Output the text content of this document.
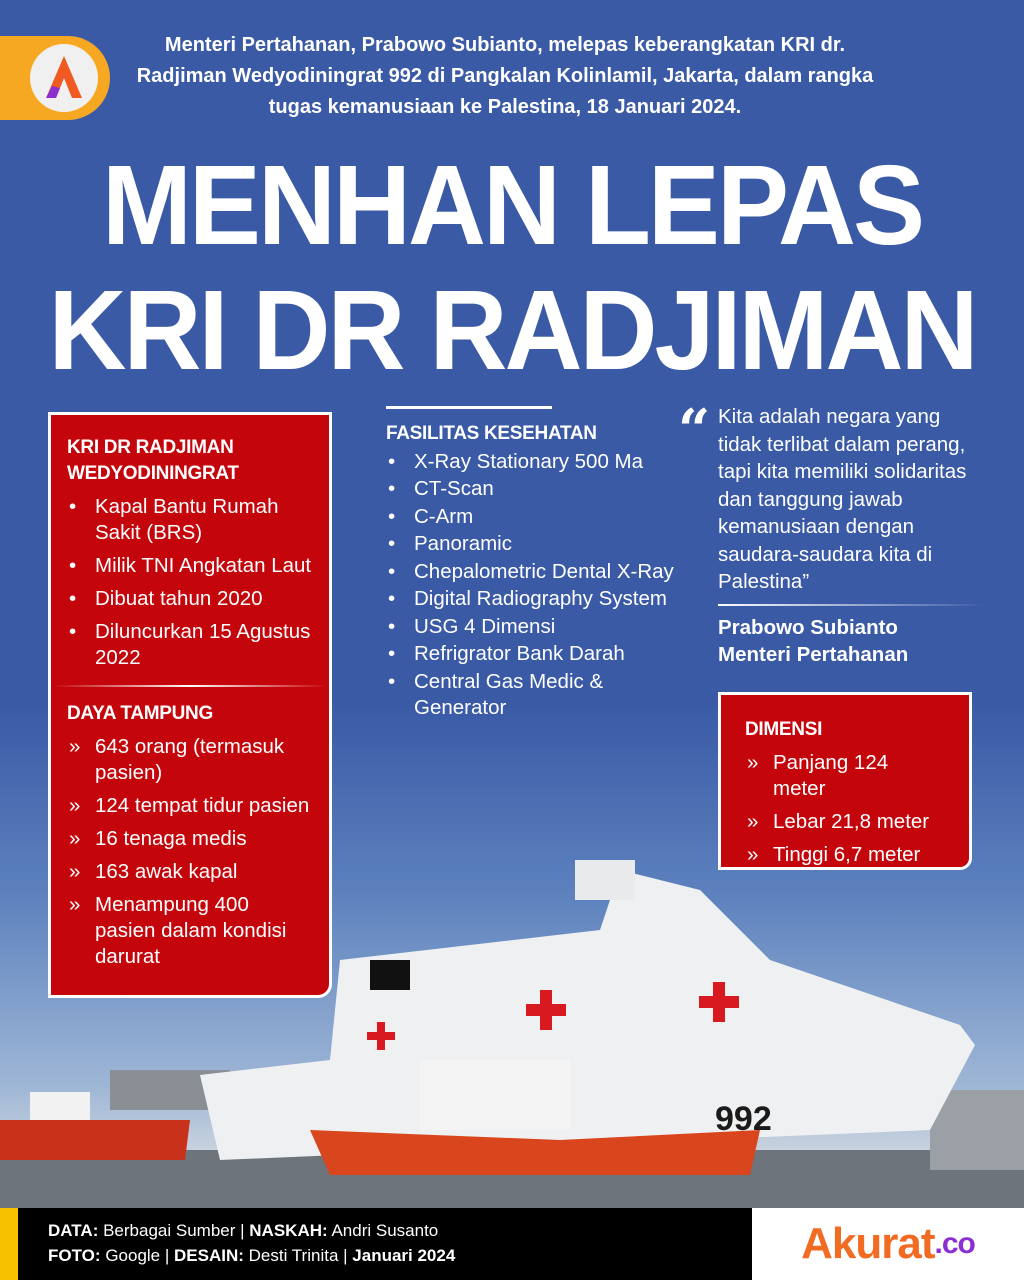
Menteri Pertahanan, Prabowo Subianto, melepas keberangkatan KRI dr. Radjiman Wedyodiningrat 992 di Pangkalan Kolinlamil, Jakarta, dalam rangka tugas kemanusiaan ke Palestina, 18 Januari 2024.
MENHAN LEPAS
KRI DR RADJIMAN
992
KRI DR RADJIMAN WEDYODININGRAT
• Kapal Bantu Rumah Sakit (BRS)
• Milik TNI Angkatan Laut
• Dibuat tahun 2020
• Diluncurkan 15 Agustus 2022
DAYA TAMPUNG
» 643 orang (termasuk pasien)
» 124 tempat tidur pasien
» 16 tenaga medis
» 163 awak kapal
» Menampung 400 pasien dalam kondisi darurat
FASILITAS KESEHATAN
• X-Ray Stationary 500 Ma
• CT-Scan
• C-Arm
• Panoramic
• Chepalometric Dental X-Ray
• Digital Radiography System
• USG 4 Dimensi
• Refrigrator Bank Darah
• Central Gas Medic & Generator
“ Kita adalah negara yang tidak terlibat dalam perang, tapi kita memiliki solidaritas dan tanggung jawab kemanusiaan dengan saudara-saudara kita di Palestina”

Prabowo Subianto
Menteri Pertahanan
DIMENSI
» Panjang 124 meter
» Lebar 21,8 meter
» Tinggi 6,7 meter
DATA: Berbagai Sumber | NASKAH: Andri Susanto
FOTO: Google | DESAIN: Desti Trinita | Januari 2024	Akurat .co
